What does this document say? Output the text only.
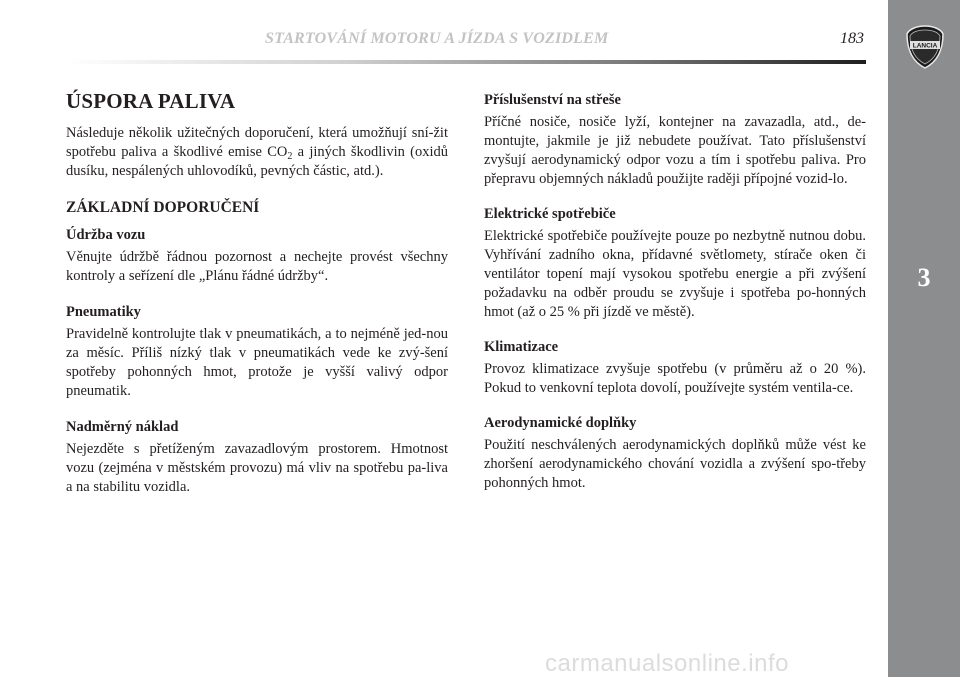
STARTOVÁNÍ MOTORU A JÍZDA S VOZIDLEM	183	LANCIA
3
ÚSPORA PALIVA

Následuje několik užitečných doporučení, která umožňují sní-žit spotřebu paliva a škodlivé emise $CO_2$ a jiných škodlivin (oxidů dusíku, nespálených uhlovodíků, pevných částic, atd.).

ZÁKLADNÍ DOPORUČENÍ
Údržba vozu

Věnujte údržbě řádnou pozornost a nechejte provést všechny kontroly a seřízení dle „Plánu řádné údržby“.

Pneumatiky

Pravidelně kontrolujte tlak v pneumatikách, a to nejméně jed-nou za měsíc. Příliš nízký tlak v pneumatikách vede ke zvý-šení spotřeby pohonných hmot, protože je vyšší valivý odpor pneumatik.

Nadměrný náklad

Nejezděte s přetíženým zavazadlovým prostorem. Hmotnost vozu (zejména v městském provozu) má vliv na spotřebu pa-liva a na stabilitu vozidla.

Příslušenství na střeše

Příčné nosiče, nosiče lyží, kontejner na zavazadla, atd., de-montujte, jakmile je již nebudete používat. Tato příslušenství zvyšují aerodynamický odpor vozu a tím i spotřebu paliva. Pro přepravu objemných nákladů použijte raději přípojné vozid-lo.

Elektrické spotřebiče

Elektrické spotřebiče používejte pouze po nezbytně nutnou dobu. Vyhřívání zadního okna, přídavné světlomety, stírače oken či ventilátor topení mají vysokou spotřebu energie a při zvýšení požadavku na odběr proudu se zvyšuje i spotřeba po-honných hmot (až o 25 % při jízdě ve městě).

Klimatizace

Provoz klimatizace zvyšuje spotřebu (v průměru až o 20 %). Pokud to venkovní teplota dovolí, používejte systém ventila-ce.

Aerodynamické doplňky

Použití neschválených aerodynamických doplňků může vést ke zhoršení aerodynamického chování vozidla a zvýšení spo-třeby pohonných hmot.

carmanualsonline.info
